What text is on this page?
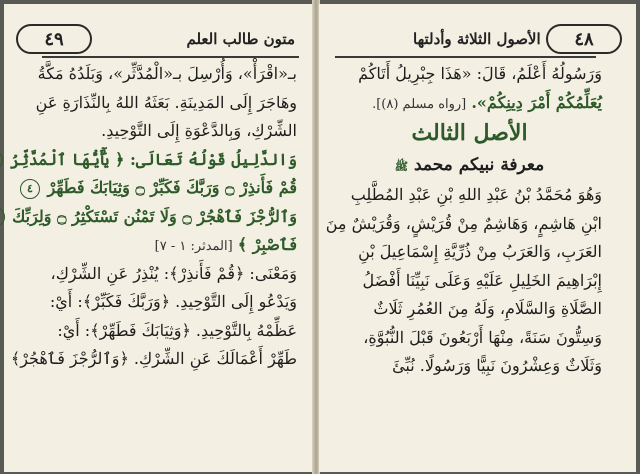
٤٩	متون طالب العلم
بـ«اقْرَأْ»، وَأُرْسِلَ بـ«الْمُدَّثِّر»، وَبَلَدُهُ مَكَّةُ
وهَاجَرَ إِلَى المَدِينَةِ. بَعَثَهُ اللهُ بِالنِّذَارَةِ عَنِ
الشِّرْكِ، وَبِالدَّعْوَةِ إِلَى التَّوْحِيدِ.
وَالدَّلِيلُ قَوْلُهُ تَعَالَى: ﴿ يَٰٓأَيُّهَا ٱلْمُدَّثِّرُ
قُمْ فَأَنذِرْ ۝ وَرَبَّكَ فَكَبِّرْ ۝ وَثِيَابَكَ فَطَهِّرْ ٤
وَٱلرُّجْزَ فَٱهْجُرْ ۝ وَلَا تَمْنُن تَسْتَكْثِرُ ۝ وَلِرَبِّكَ
فَٱصْبِرْ ﴾ [المدثر: ١ - ٧]
وَمَعْنَى: ﴿قُمْ فَأَنذِرْ﴾: يُنْذِرُ عَنِ الشِّرْكِ،
وَيَدْعُو إِلَى التَّوْحِيدِ. ﴿وَرَبَّكَ فَكَبِّرْ﴾: أَيْ:
عَظِّمْهُ بِالتَّوْحِيدِ. ﴿وَثِيَابَكَ فَطَهِّرْ﴾: أَيْ:
طَهِّرْ أَعْمَالَكَ عَنِ الشِّرْكِ. ﴿وَٱلرُّجْزَ فَٱهْجُرْ﴾
٤٨
الأصول الثلاثة وأدلتها
وَرَسُولُهُ أَعْلَمُ، قَالَ: «هَذَا جِبْرِيلُ أَتَاكُمْ
يُعَلِّمُكُمْ أَمْرَ دِينِكُمْ». [رواه مسلم (٨)].
الأصل الثالث
معرفة نبيكم محمد ﷺ
وَهُوَ مُحَمَّدُ بْنُ عَبْدِ اللهِ بْنِ عَبْدِ المُطَّلِبِ
ابْنِ هَاشِمٍ، وَهَاشِمٌ مِنْ قُرَيْشٍ، وَقُرَيْشٌ مِنَ
العَرَبِ، وَالعَرَبُ مِنْ ذُرِّيَّةِ إِسْمَاعِيلَ بْنِ
إِبْرَاهِيمَ الخَلِيلِ عَلَيْهِ وَعَلَى نَبِيِّنَا أَفْضَلُ
الصَّلَاةِ وَالسَّلَامِ، وَلَهُ مِنَ العُمُرِ ثَلَاثٌ
وَسِتُّونَ سَنَةً، مِنْهَا أَرْبَعُونَ قَبْلَ النُّبُوَّةِ،
وَثَلَاثٌ وَعِشْرُونَ نَبِيًّا وَرَسُولًا. نُبِّئَ
